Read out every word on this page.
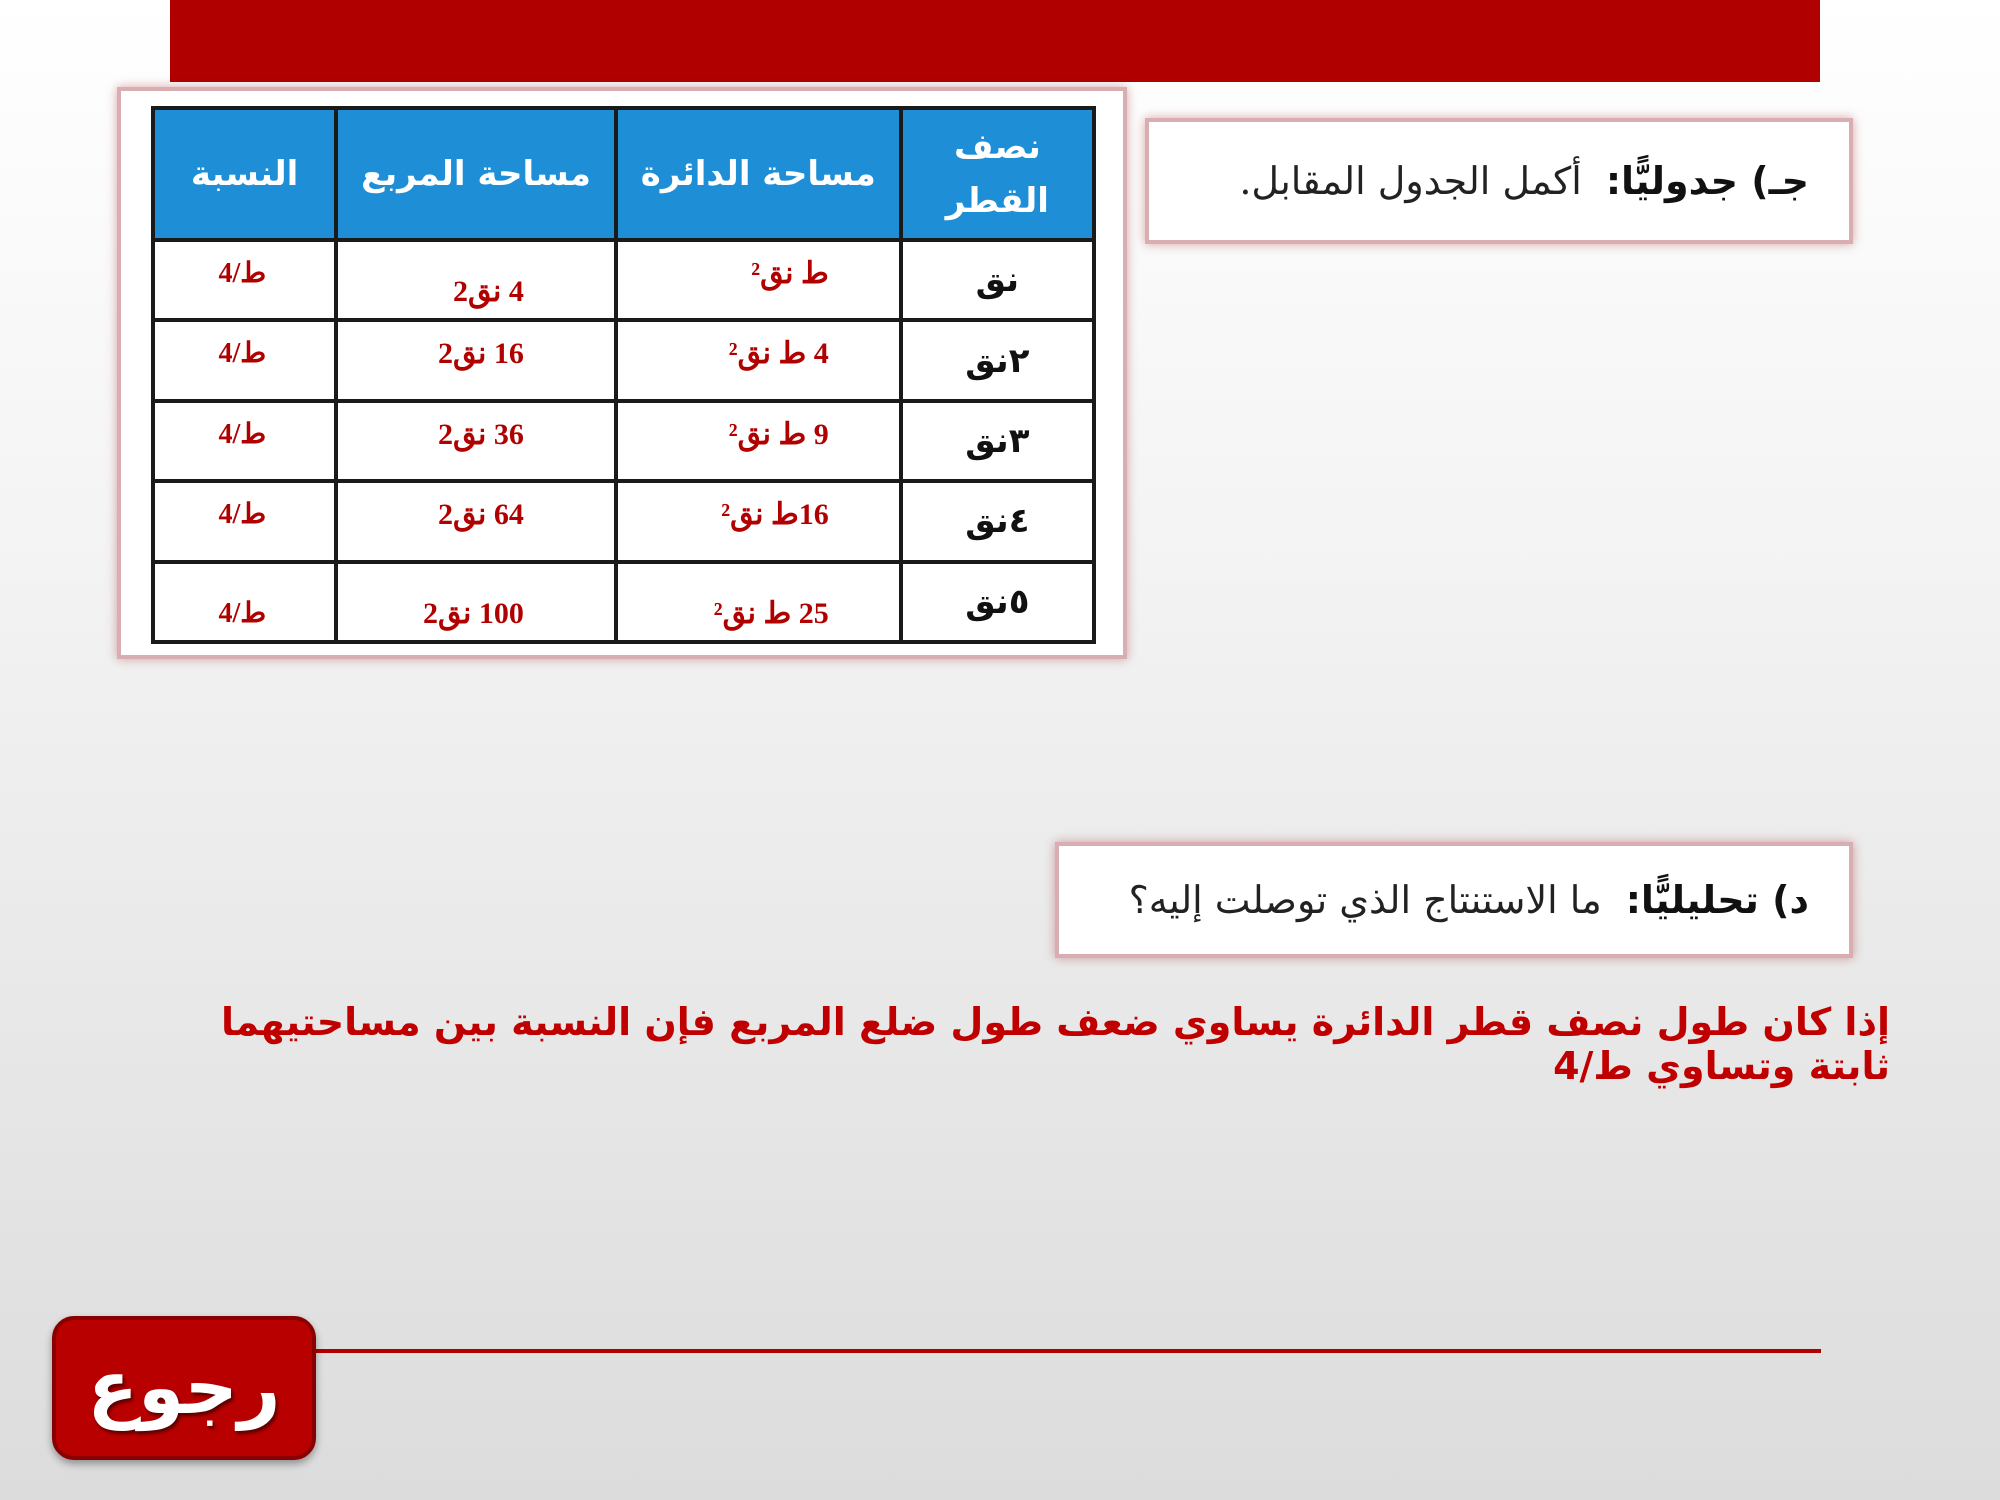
نصف القطر	مساحة الدائرة	مساحة المربع	النسبة
نق	ط نق²	4 نق2	ط/4

٢نق	4 ط نق²	16 نق2	ط/4

٣نق	9 ط نق²	36 نق2	ط/4

٤نق	16ط نق²	64 نق2	ط/4

٥نق	25 ط نق²	100 نق2	ط/4
جـ) جدوليًّا:
أكمل الجدول المقابل.
د) تحليليًّا:
ما الاستنتاج الذي توصلت إليه؟
إذا كان طول نصف قطر الدائرة يساوي ضعف طول ضلع المربع فإن النسبة بين مساحتيهما ثابتة وتساوي ط/4
رجوع
